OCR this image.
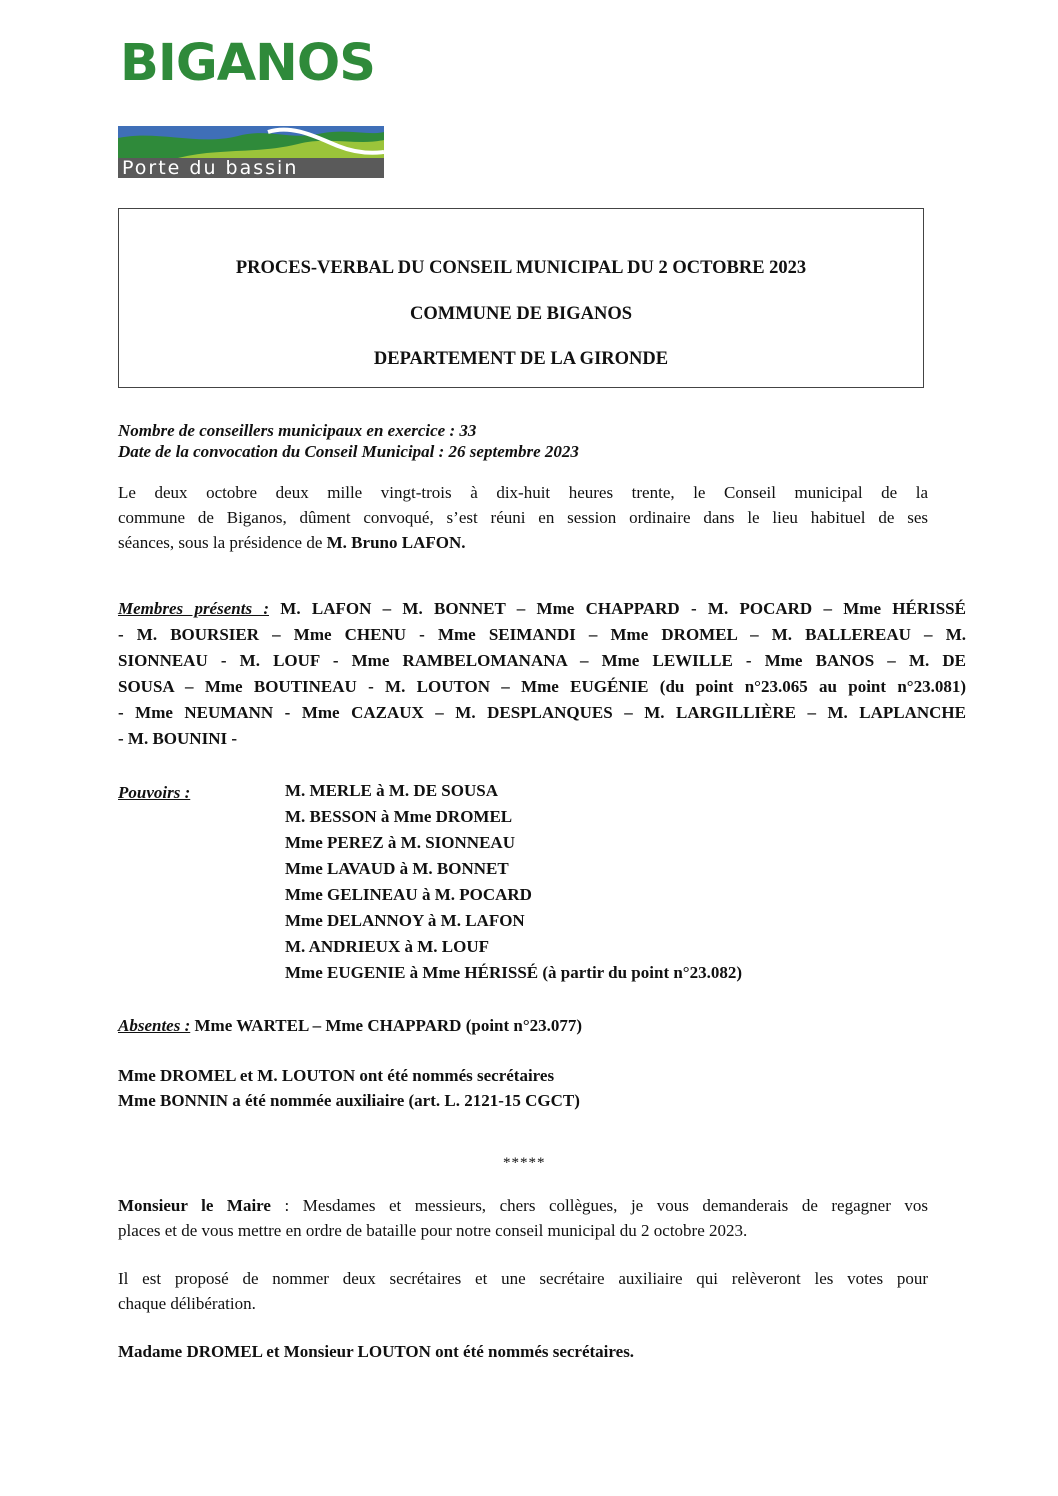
BIGANOS
Porte du bassin
PROCES-VERBAL DU CONSEIL MUNICIPAL DU 2 OCTOBRE 2023
COMMUNE DE BIGANOS
DEPARTEMENT DE LA GIRONDE
Nombre de conseillers municipaux en exercice : 33
Date de la convocation du Conseil Municipal : 26 septembre 2023
Le deux octobre deux mille vingt-trois à dix-huit heures trente, le Conseil municipal de la
commune de Biganos, dûment convoqué, s’est réuni en session ordinaire dans le lieu habituel de ses
séances, sous la présidence de M. Bruno LAFON.
Membres présents : M. LAFON – M. BONNET – Mme CHAPPARD - M. POCARD – Mme HÉRISSÉ
- M. BOURSIER – Mme CHENU - Mme SEIMANDI – Mme DROMEL – M. BALLEREAU – M.
SIONNEAU - M. LOUF - Mme RAMBELOMANANA – Mme LEWILLE - Mme BANOS – M. DE
SOUSA – Mme BOUTINEAU - M. LOUTON – Mme EUGÉNIE (du point n°23.065 au point n°23.081)
- Mme NEUMANN - Mme CAZAUX – M. DESPLANQUES – M. LARGILLIÈRE – M. LAPLANCHE
- M. BOUNINI -
Pouvoirs :	M. MERLE à M. DE SOUSA
M. BESSON à Mme DROMEL
Mme PEREZ à M. SIONNEAU
Mme LAVAUD à M. BONNET
Mme GELINEAU à M. POCARD
Mme DELANNOY à M. LAFON
M. ANDRIEUX à M. LOUF
Mme EUGENIE à Mme HÉRISSÉ (à partir du point n°23.082)
Absentes : Mme WARTEL – Mme CHAPPARD (point n°23.077)
Mme DROMEL et M. LOUTON ont été nommés secrétaires
Mme BONNIN a été nommée auxiliaire (art. L. 2121-15 CGCT)
*****
Monsieur le Maire : Mesdames et messieurs, chers collègues, je vous demanderais de regagner vos
places et de vous mettre en ordre de bataille pour notre conseil municipal du 2 octobre 2023.
Il est proposé de nommer deux secrétaires et une secrétaire auxiliaire qui relèveront les votes pour
chaque délibération.
Madame DROMEL et Monsieur LOUTON ont été nommés secrétaires.
